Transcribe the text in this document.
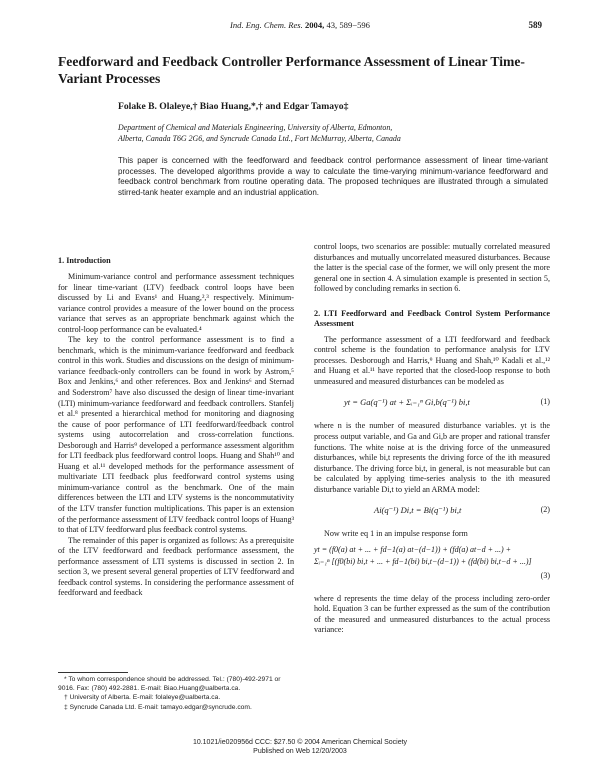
Ind. Eng. Chem. Res. 2004, 43, 589−596	589
Feedforward and Feedback Controller Performance Assessment of Linear Time-Variant Processes
Folake B. Olaleye,† Biao Huang,*,† and Edgar Tamayo‡
Department of Chemical and Materials Engineering, University of Alberta, Edmonton,
Alberta, Canada T6G 2G6, and Syncrude Canada Ltd., Fort McMurray, Alberta, Canada
This paper is concerned with the feedforward and feedback control performance assessment of linear time-variant processes. The developed algorithms provide a way to calculate the time-varying minimum-variance feedforward and feedback control benchmark from routine operating data. The proposed techniques are illustrated through a simulated stirred-tank heater example and an industrial application.
1. Introduction

Minimum-variance control and performance assessment techniques for linear time-variant (LTV) feedback control loops have been discussed by Li and Evans¹ and Huang,²,³ respectively. Minimum-variance control provides a measure of the lower bound on the process variance that serves as an appropriate benchmark against which the control-loop performance can be evaluated.⁴

The key to the control performance assessment is to find a benchmark, which is the minimum-variance feedforward and feedback control in this work. Studies and discussions on the design of minimum-variance feedback-only controllers can be found in work by Astrom,⁵ Box and Jenkins,⁶ and other references. Box and Jenkins⁶ and Sternad and Soderstrom⁷ have also discussed the design of linear time-invariant (LTI) minimum-variance feedforward and feedback controllers. Stanfelj et al.⁸ presented a hierarchical method for monitoring and diagnosing the cause of poor performance of LTI feedforward/feedback control systems using autocorrelation and cross-correlation functions. Desborough and Harris⁹ developed a performance assessment algorithm for LTI feedback plus feedforward control loops. Huang and Shah¹⁰ and Huang et al.¹¹ developed methods for the performance assessment of multivariate LTI feedback plus feedforward control systems using minimum-variance control as the benchmark. One of the main differences between the LTI and LTV systems is the noncommutativity of the LTV transfer function multiplications. This paper is an extension of the performance assessment of LTV feedback control loops of Huang³ to that of LTV feedforward plus feedback control systems.

The remainder of this paper is organized as follows: As a prerequisite of the LTV feedforward and feedback performance assessment, the performance assessment of LTI systems is discussed in section 2. In section 3, we present several general properties of LTV feedforward and feedback control systems. In considering the performance assessment of feedforward and feedback

control loops, two scenarios are possible: mutually correlated measured disturbances and mutually uncorrelated measured disturbances. Because the latter is the special case of the former, we will only present the more general one in section 4. A simulation example is presented in section 5, followed by concluding remarks in section 6.

2. LTI Feedforward and Feedback Control System Performance Assessment

The performance assessment of a LTI feedforward and feedback control scheme is the foundation to performance analysis for LTV processes. Desborough and Harris,⁹ Huang and Shah,¹⁰ Kadali et al.,¹² and Huang et al.¹¹ have reported that the closed-loop response to both unmeasured and measured disturbances can be modeled as

yt = Ga(q⁻¹) at + Σᵢ₌₁ⁿ Gi,b(q⁻¹) bi,t	(1)

where n is the number of measured disturbance variables. yt is the process output variable, and Ga and Gi,b are proper and rational transfer functions. The white noise at is the driving force of the unmeasured disturbances, while bi,t represents the driving force of the ith measured disturbance. The driving force bi,t, in general, is not measurable but can be calculated by applying time-series analysis to the ith measured disturbance variable Di,t to yield an ARMA model:

Ai(q⁻¹) Di,t = Bi(q⁻¹) bi,t	(2)

Now write eq 1 in an impulse response form

yt = (f0(a) at + ... + fd−1(a) at−(d−1)) + (fd(a) at−d + ...) +
Σᵢ₌₁ⁿ [(f0(bi) bi,t + ... + fd−1(bi) bi,t−(d−1)) + (fd(bi) bi,t−d + ...)]
(3)

where d represents the time delay of the process including zero-order hold. Equation 3 can be further expressed as the sum of the contribution of the measured and unmeasured disturbances to the actual process variance:

* To whom correspondence should be addressed. Tel.: (780)-492-2971 or 9016. Fax: (780) 492-2881. E-mail: Biao.Huang@ualberta.ca.
† University of Alberta. E-mail: folaleye@ualberta.ca.
‡ Syncrude Canada Ltd. E-mail: tamayo.edgar@syncrude.com.
10.1021/ie020956d CCC: $27.50 © 2004 American Chemical Society
Published on Web 12/20/2003
